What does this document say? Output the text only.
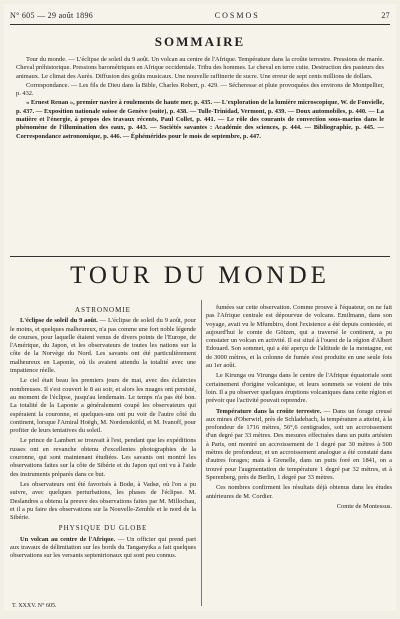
N° 605 — 29 août 1896	COSMOS	27
SOMMAIRE

Tour du monde. — L'éclipse de soleil du 9 août. Un volcan au centre de l'Afrique. Température dans la croûte terrestre. Pressions de marée. Cheval préhistorique. Pressions barométriques en Afrique occidentale. Tribu des hommes. Le cheval en terre cuite. Destruction des pasteurs des animaux. Le climat des Aurès. Diffusion des goûts musicaux. Une nouvelle raffinerie de sucre. Une erreur de sept cents millions de dollars.

Correspondance. — Les fils de Dieu dans la Bible, Charles Robert, p. 429. — Sécheresse et pluie provoquées des environs de Montpellier, p. 432.

« Ernest Renan », premier navire à roulements de haute mer, p. 435. — L'exploration de la lumière microscopique, W. de Fonvielle, p. 437. — Exposition nationale suisse de Genève (suite), p. 438. — Tulle-Trinidad, Vermont, p. 439. — Doux automobiles, p. 440. — La matière et l'énergie, à propos des travaux récents, Paul Collet, p. 441. — Le rôle des courants de convection sous-marins dans le phénomène de l'illumination des eaux, p. 443. — Sociétés savantes : Académie des sciences, p. 444. — Bibliographie, p. 445. — Correspondance astronomique, p. 446. — Éphémérides pour le mois de septembre, p. 447.

TOUR DU MONDE
ASTRONOMIE

L'éclipse de soleil du 9 août. — L'éclipse de soleil du 9 août, pour le moins, et quelques malheureux, n'a pas comme une fort noble légende de courses, pour laquelle étaient venus de divers points de l'Europe, de l'Amérique, du Japon, et les observateurs de toutes les nations sur la côte de la Norvège du Nord. Les savants ont été particulièrement malheureux en Laponie, où ils avaient attendu la totalité avec une impatience réelle.

Le ciel était beau les premiers jours de mai, avec des éclaircies nombreuses. Il s'est couvert le 8 au soir, et alors les nuages ont persisté, au moment de l'éclipse, jusqu'au lendemain. Le temps n'a pas été bon. La totalité de la Laponie a généralement coupé les observateurs qui espéraient la couronne, et quelques-uns ont pu voir de l'autre côté du continent, lorsque l'Amiral Hoëgh, M. Nordenskiöld, et M. Ivanoff, pour profiter de leurs tentatives du soleil.

Le prince de Lambert se trouvait à l'est, pendant que les expéditions russes ont en revanche obtenu d'excellentes photographies de la couronne, qui sont maintenant étudiées. Les savants ont montré les observations faites sur la côte de Sibérie et du Japon qui ont vu à l'aide des instruments préparés dans ce but.

Les observateurs ont été favorisés à Bodø, à Vadsø, où l'on a pu suivre, avec quelques perturbations, les phases de l'éclipse. M. Deslandres a obtenu la preuve des observations faites par M. Millochau, et il a pu faire des observations sur la Nouvelle-Zemble et le nord de la Sibérie.

PHYSIQUE DU GLOBE

Un volcan au centre de l'Afrique. — Un officier qui prend part aux travaux de délimitation sur les bords du Tanganyika a fait quelques observations sur les versants septentrionaux qui sont peu connus.

fumées sur cette observation. Comme prouve à l'équateur, on ne fait pas l'Afrique centrale est dépourvue de volcans. Emilmann, dans son voyage, avait vu le Mfumbiro, dont l'existence a été depuis contestée, et aujourd'hui le comte de Götzen, qui a traversé le continent, a pu constater un volcan en activité. Il est situé à l'ouest de la région d'Albert Edouard. Son sommet, qui a été aperçu de l'altitude de la montagne, est de 3000 mètres, et la colonne de fumée s'est produite en une seule fois au 1er août.

Le Kirunga ou Virunga dans le centre de l'Afrique équatoriale sont certainement d'origine volcanique, et leurs sommets se voient de très loin. Il a pu observer quelques éruptions volcaniques dans cette région et prévoir que l'activité pouvait reprendre.

Température dans la croûte terrestre. — Dans un forage creusé aux mines d'Oberwirl, près de Schladebach, la température a atteint, à la profondeur de 1716 mètres, 56°,6 centigrades, soit un accroissement d'un degré par 33 mètres. Des mesures effectuées dans un puits artésien à Paris, ont montré un accroissement de 1 degré par 30 mètres à 500 mètres de profondeur, et un accroissement analogue a été constaté dans d'autres forages; mais à Grenelle, dans un puits foré en 1841, on a trouvé pour l'augmentation de température 1 degré par 32 mètres, et à Sperenberg, près de Berlin, 1 degré par 33 mètres.

Ces nombres confirment les résultats déjà obtenus dans les études antérieures de M. Cordier.

Comte de Montessus.

T. XXXV. N° 605.
